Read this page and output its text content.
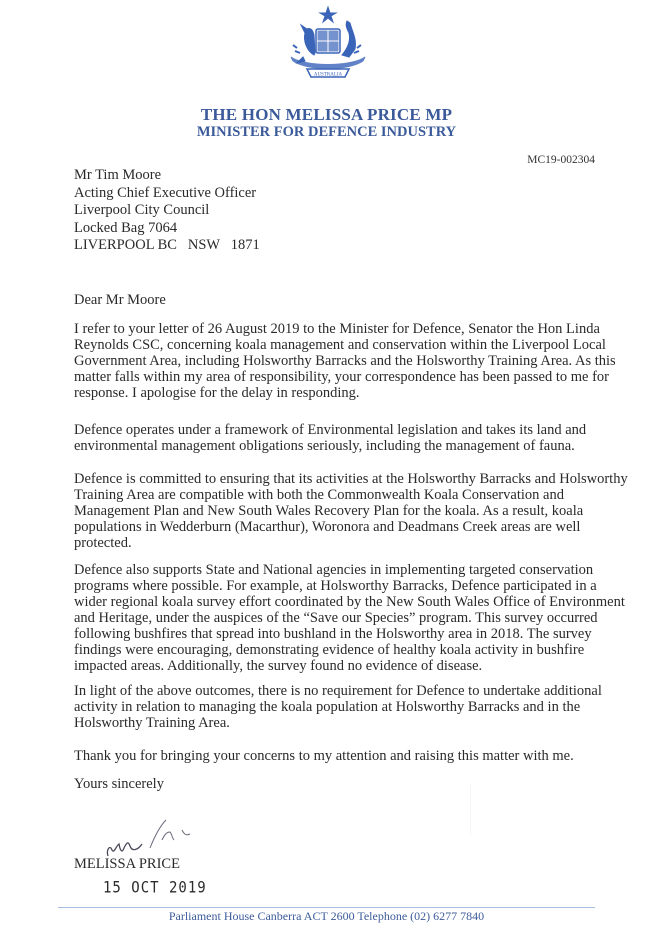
AUSTRALIA
THE HON MELISSA PRICE MP
MINISTER FOR DEFENCE INDUSTRY
MC19-002304
Mr Tim Moore
Acting Chief Executive Officer
Liverpool City Council
Locked Bag 7064
LIVERPOOL BC   NSW   1871
Dear Mr Moore
I refer to your letter of 26 August 2019 to the Minister for Defence, Senator the Hon Linda
Reynolds CSC, concerning koala management and conservation within the Liverpool Local
Government Area, including Holsworthy Barracks and the Holsworthy Training Area. As this
matter falls within my area of responsibility, your correspondence has been passed to me for
response. I apologise for the delay in responding.
Defence operates under a framework of Environmental legislation and takes its land and
environmental management obligations seriously, including the management of fauna.
Defence is committed to ensuring that its activities at the Holsworthy Barracks and Holsworthy
Training Area are compatible with both the Commonwealth Koala Conservation and
Management Plan and New South Wales Recovery Plan for the koala. As a result, koala
populations in Wedderburn (Macarthur), Woronora and Deadmans Creek areas are well
protected.
Defence also supports State and National agencies in implementing targeted conservation
programs where possible. For example, at Holsworthy Barracks, Defence participated in a
wider regional koala survey effort coordinated by the New South Wales Office of Environment
and Heritage, under the auspices of the “Save our Species” program. This survey occurred
following bushfires that spread into bushland in the Holsworthy area in 2018. The survey
findings were encouraging, demonstrating evidence of healthy koala activity in bushfire
impacted areas. Additionally, the survey found no evidence of disease.
In light of the above outcomes, there is no requirement for Defence to undertake additional
activity in relation to managing the koala population at Holsworthy Barracks and in the
Holsworthy Training Area.
Thank you for bringing your concerns to my attention and raising this matter with me.
Yours sincerely
MELISSA PRICE
15 OCT 2019
Parliament House Canberra ACT 2600 Telephone (02) 6277 7840
